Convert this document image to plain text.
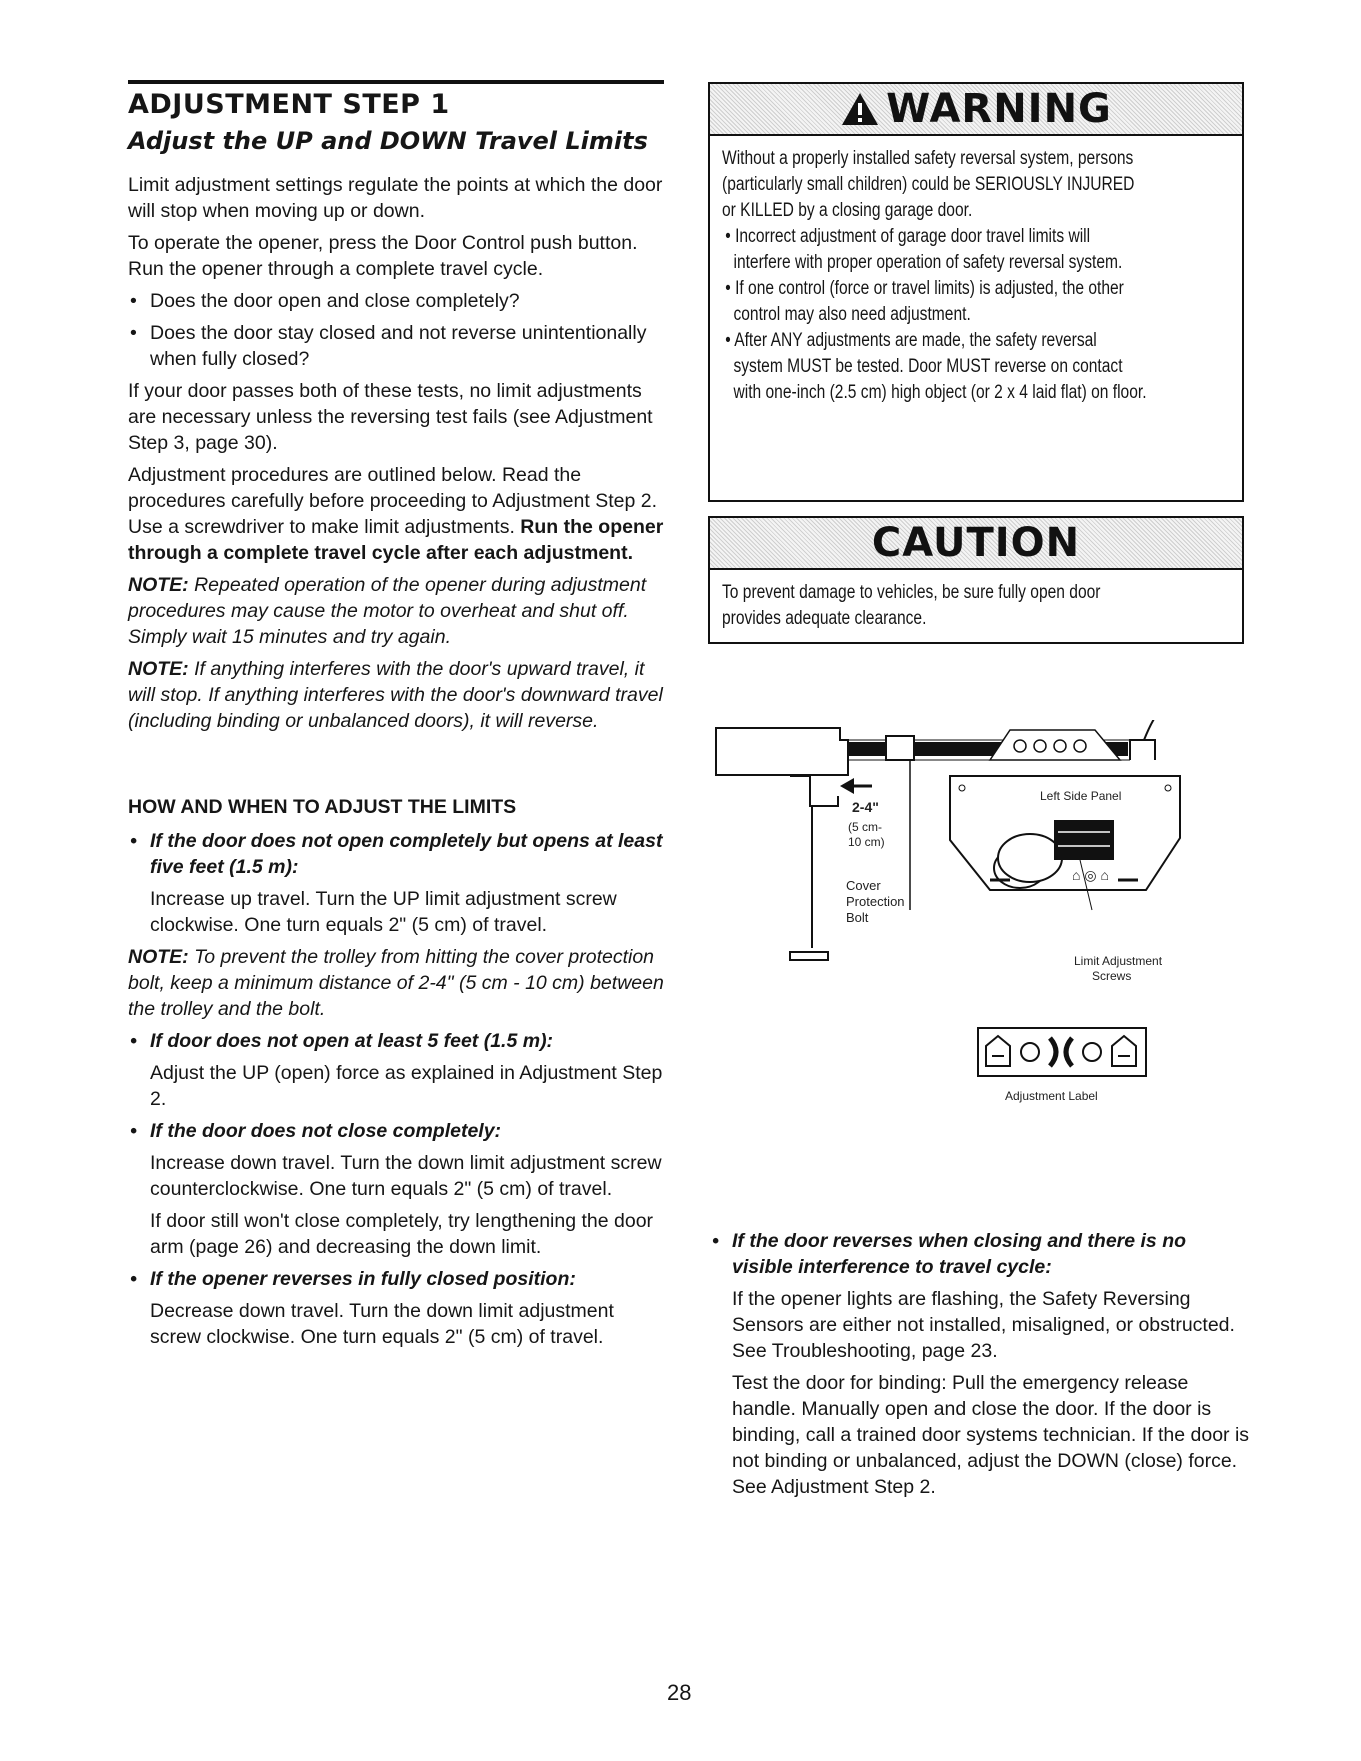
ADJUSTMENT STEP 1
Adjust the UP and DOWN Travel Limits

Limit adjustment settings regulate the points at which the door will stop when moving up or down.

To operate the opener, press the Door Control push button. Run the opener through a complete travel cycle.

• Does the door open and close completely?
• Does the door stay closed and not reverse unintentionally when fully closed?

If your door passes both of these tests, no limit adjustments are necessary unless the reversing test fails (see Adjustment Step 3, page 30).

Adjustment procedures are outlined below. Read the procedures carefully before proceeding to Adjustment Step 2. Use a screwdriver to make limit adjustments. Run the opener through a complete travel cycle after each adjustment.

NOTE: Repeated operation of the opener during adjustment procedures may cause the motor to overheat and shut off. Simply wait 15 minutes and try again.

NOTE: If anything interferes with the door's upward travel, it will stop. If anything interferes with the door's downward travel (including binding or unbalanced doors), it will reverse.

HOW AND WHEN TO ADJUST THE LIMITS
• If the door does not open completely but opens at least five feet (1.5 m):

Increase up travel. Turn the UP limit adjustment screw clockwise. One turn equals 2" (5 cm) of travel.

NOTE: To prevent the trolley from hitting the cover protection bolt, keep a minimum distance of 2-4" (5 cm - 10 cm) between the trolley and the bolt.

• If door does not open at least 5 feet (1.5 m):

Adjust the UP (open) force as explained in Adjustment Step 2.

• If the door does not close completely:

Increase down travel. Turn the down limit adjustment screw counterclockwise. One turn equals 2" (5 cm) of travel.

If door still won't close completely, try lengthening the door arm (page 26) and decreasing the down limit.

• If the opener reverses in fully closed position:

Decrease down travel. Turn the down limit adjustment screw clockwise. One turn equals 2" (5 cm) of travel.

WARNING

Without a properly installed safety reversal system, persons (particularly small children) could be SERIOUSLY INJURED or KILLED by a closing garage door.

• Incorrect adjustment of garage door travel limits will interfere with proper operation of safety reversal system.

• If one control (force or travel limits) is adjusted, the other control may also need adjustment.

• After ANY adjustments are made, the safety reversal system MUST be tested. Door MUST reverse on contact with one-inch (2.5 cm) high object (or 2 x 4 laid flat) on floor.

CAUTION

To prevent damage to vehicles, be sure fully open door provides adequate clearance.

2-4"
(5 cm-
10 cm)
Cover
Protection
Bolt
Left Side Panel
⌂ ◎ ⌂
Limit Adjustment
Screws
Adjustment Label
• If the door reverses when closing and there is no visible interference to travel cycle:

If the opener lights are flashing, the Safety Reversing Sensors are either not installed, misaligned, or obstructed. See Troubleshooting, page 23.

Test the door for binding: Pull the emergency release handle. Manually open and close the door. If the door is binding, call a trained door systems technician. If the door is not binding or unbalanced, adjust the DOWN (close) force. See Adjustment Step 2.

28
